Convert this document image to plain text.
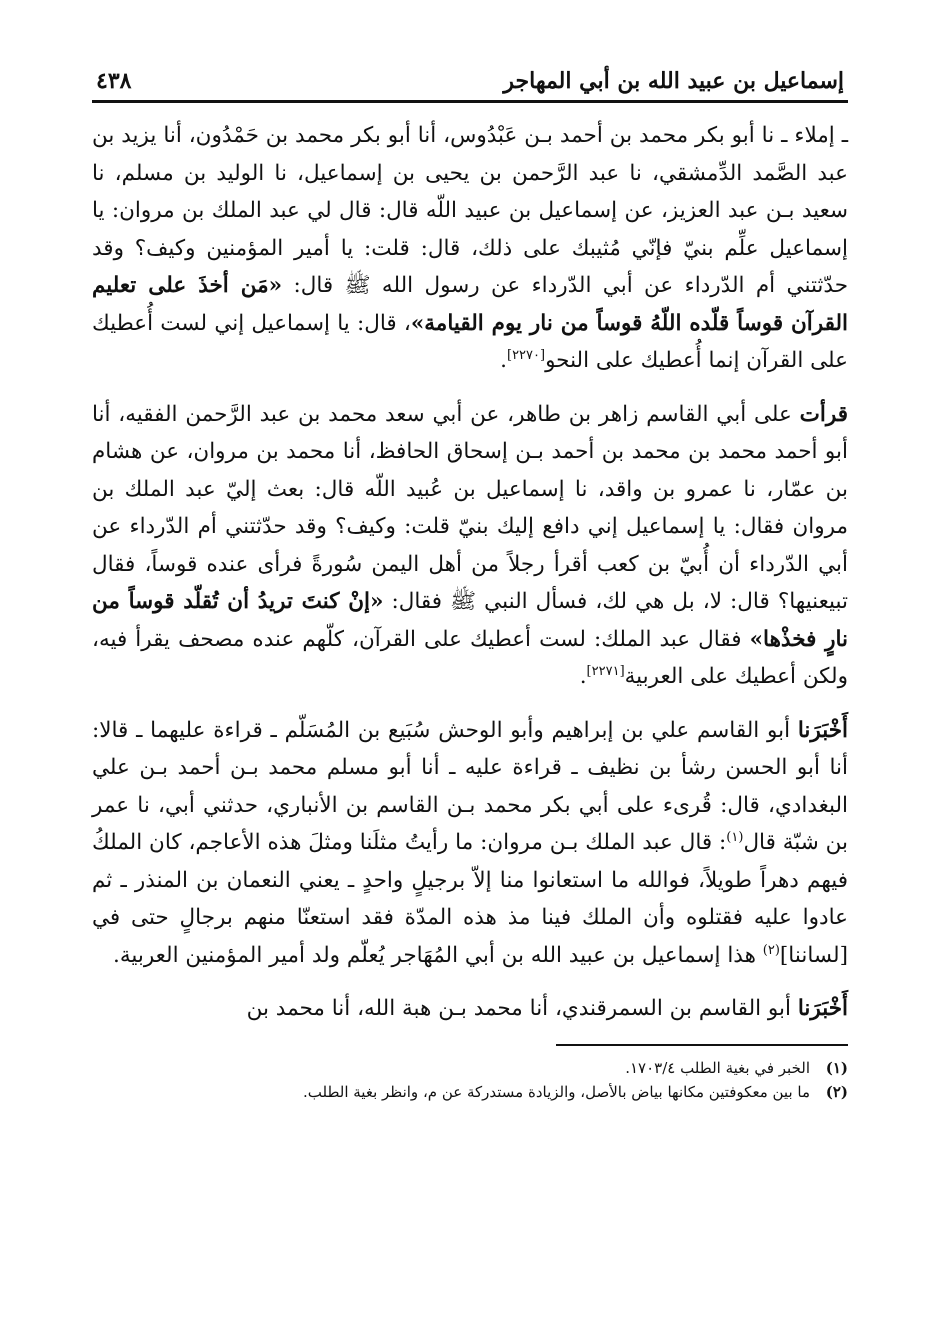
إسماعيل بن عبيد الله بن أبي المهاجر
٤٣٨

ـ إملاء ـ نا أبو بكر محمد بن أحمد بـن عَبْدُوس، أنا أبو بكر محمد بن حَمْدُون، أنا يزيد بن عبد الصَّمد الدِّمشقي، نا عبد الرَّحمن بن يحيى بن إسماعيل، نا الوليد بن مسلم، نا سعيد بـن عبد العزيز، عن إسماعيل بن عبيد اللّه قال: قال لي عبد الملك بن مروان: يا إسماعيل علِّم بنيّ فإنّي مُثيبك على ذلك، قال: قلت: يا أمير المؤمنين وكيف؟ وقد حدّثتني أم الدّرداء عن أبي الدّرداء عن رسول الله ﷺ قال: «مَن أخذَ على تعليم القرآن قوساً قلّده اللّهُ قوساً من نار يوم القيامة»، قال: يا إسماعيل إني لست أُعطيك على القرآن إنما أُعطيك على النحو[٢٢٧٠].

قرأت على أبي القاسم زاهر بن طاهر، عن أبي سعد محمد بن عبد الرَّحمن الفقيه، أنا أبو أحمد محمد بن محمد بن أحمد بـن إسحاق الحافظ، أنا محمد بن مروان، عن هشام بن عمّار، نا عمرو بن واقد، نا إسماعيل بن عُبيد اللّه قال: بعث إليّ عبد الملك بن مروان فقال: يا إسماعيل إني دافع إليك بنيّ قلت: وكيف؟ وقد حدّثتني أم الدّرداء عن أبي الدّرداء أن أُبيّ بن كعب أقرأ رجلاً من أهل اليمن سُورةً فرأى عنده قوساً، فقال تبيعنيها؟ قال: لا، بل هي لك، فسأل النبي ﷺ فقال: «إنْ كنتَ تريدُ أن تُقلّد قوساً من نارٍ فخذْها» فقال عبد الملك: لست أعطيك على القرآن، كلّهم عنده مصحف يقرأ فيه، ولكن أعطيك على العربية[٢٢٧١].

أَخْبَرَنا أبو القاسم علي بن إبراهيم وأبو الوحش سُبَيع بن المُسَلّم ـ قراءة عليهما ـ قالا: أنا أبو الحسن رشأ بن نظيف ـ قراءة عليه ـ أنا أبو مسلم محمد بـن أحمد بـن علي البغدادي، قال: قُرىء على أبي بكر محمد بـن القاسم بن الأنباري، حدثني أبي، نا عمر بن شبّة قال$^{(١)}$: قال عبد الملك بـن مروان: ما رأيتُ مثلَنا ومثلَ هذه الأعاجم، كان الملكُ فيهم دهراً طويلاً، فوالله ما استعانوا منا إلاّ برجيلٍ واحدٍ ـ يعني النعمان بن المنذر ـ ثم عادوا عليه فقتلوه وأن الملك فينا مذ هذه المدّة فقد استعنّا منهم برجالٍ حتى في [لساننا]$^{(٢)}$ هذا إسماعيل بن عبيد الله بن أبي المُهَاجر يُعلّم ولد أمير المؤمنين العربية.

أَخْبَرَنا أبو القاسم بن السمرقندي، أنا محمد بـن هبة الله، أنا محمد بن

(١)
الخبر في بغية الطلب ١٧٠٣/٤.
(٢)
ما بين معكوفتين مكانها بياض بالأصل، والزيادة مستدركة عن م، وانظر بغية الطلب.
